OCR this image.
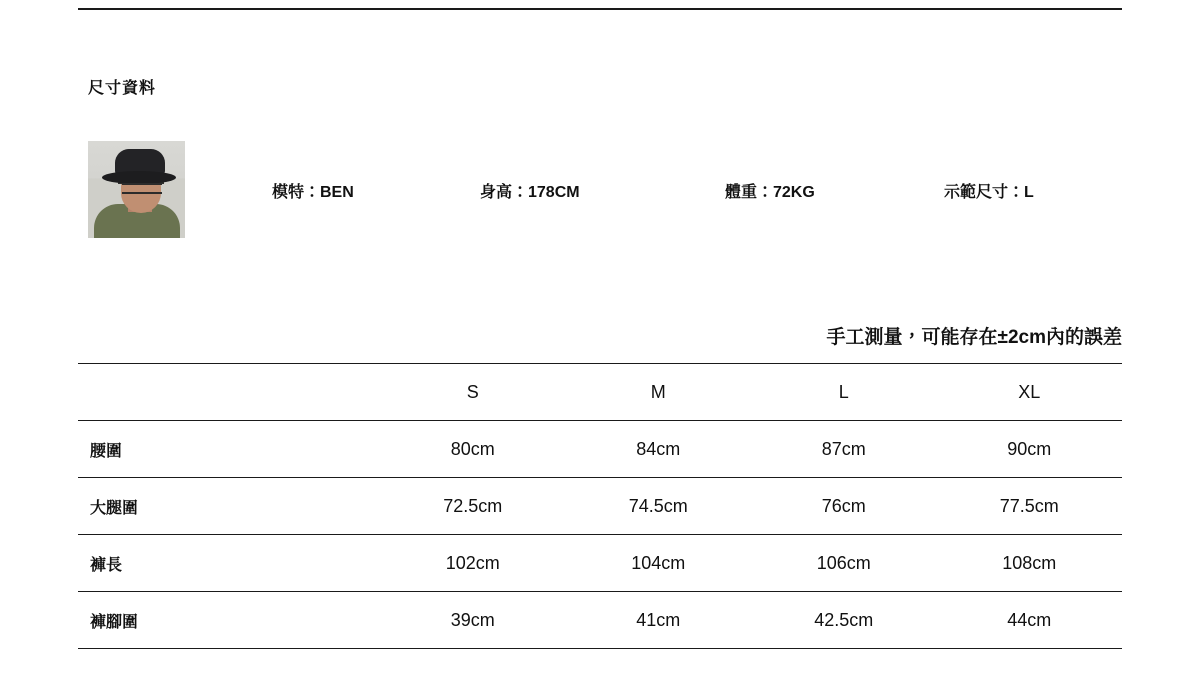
尺寸資料
模特：BEN	身高：178CM	體重：72KG	示範尺寸：L
手工測量，可能存在±2cm內的誤差
	S	M	L	XL
腰圍	80cm	84cm	87cm	90cm
大腿圍	72.5cm	74.5cm	76cm	77.5cm
褲長	102cm	104cm	106cm	108cm
褲腳圍	39cm	41cm	42.5cm	44cm
